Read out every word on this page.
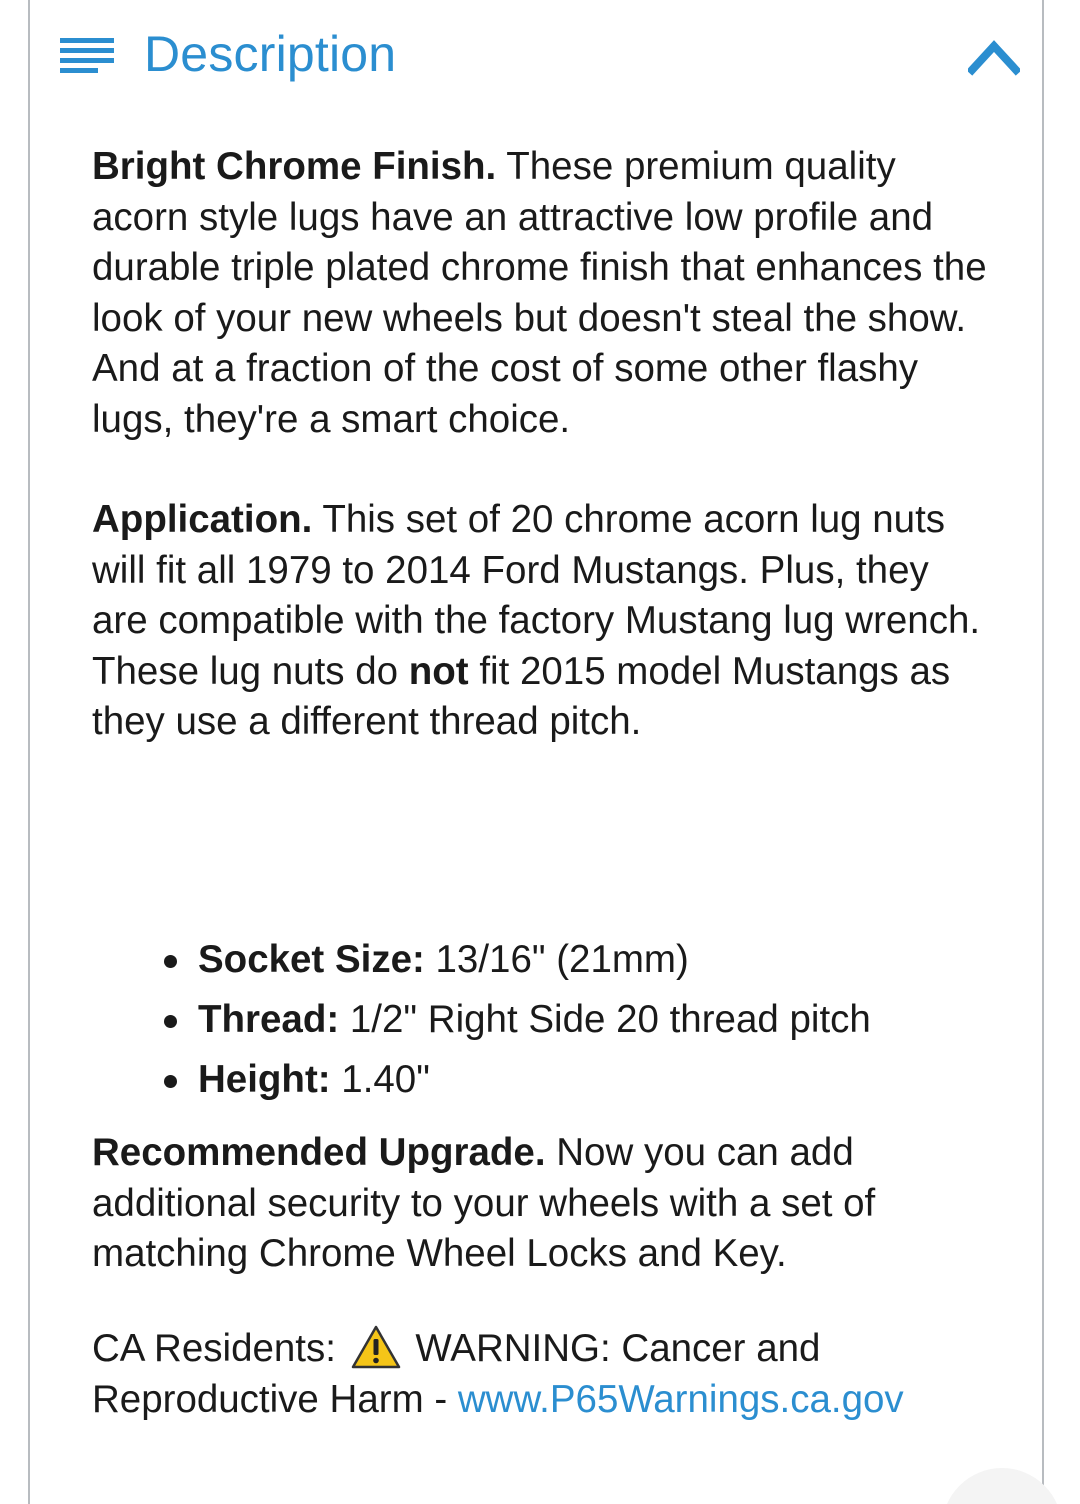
Description

Bright Chrome Finish. These premium quality acorn style lugs have an attractive low profile and durable triple plated chrome finish that enhances the look of your new wheels but doesn't steal the show. And at a fraction of the cost of some other flashy lugs, they're a smart choice.

Application. This set of 20 chrome acorn lug nuts will fit all 1979 to 2014 Ford Mustangs. Plus, they are compatible with the factory Mustang lug wrench. These lug nuts do not fit 2015 model Mustangs as they use a different thread pitch.

Socket Size: 13/16" (21mm)
Thread: 1/2" Right Side 20 thread pitch
Height: 1.40"

Recommended Upgrade. Now you can add additional security to your wheels with a set of matching Chrome Wheel Locks and Key.

CA Residents:  WARNING: Cancer and Reproductive Harm - www.P65Warnings.ca.gov
